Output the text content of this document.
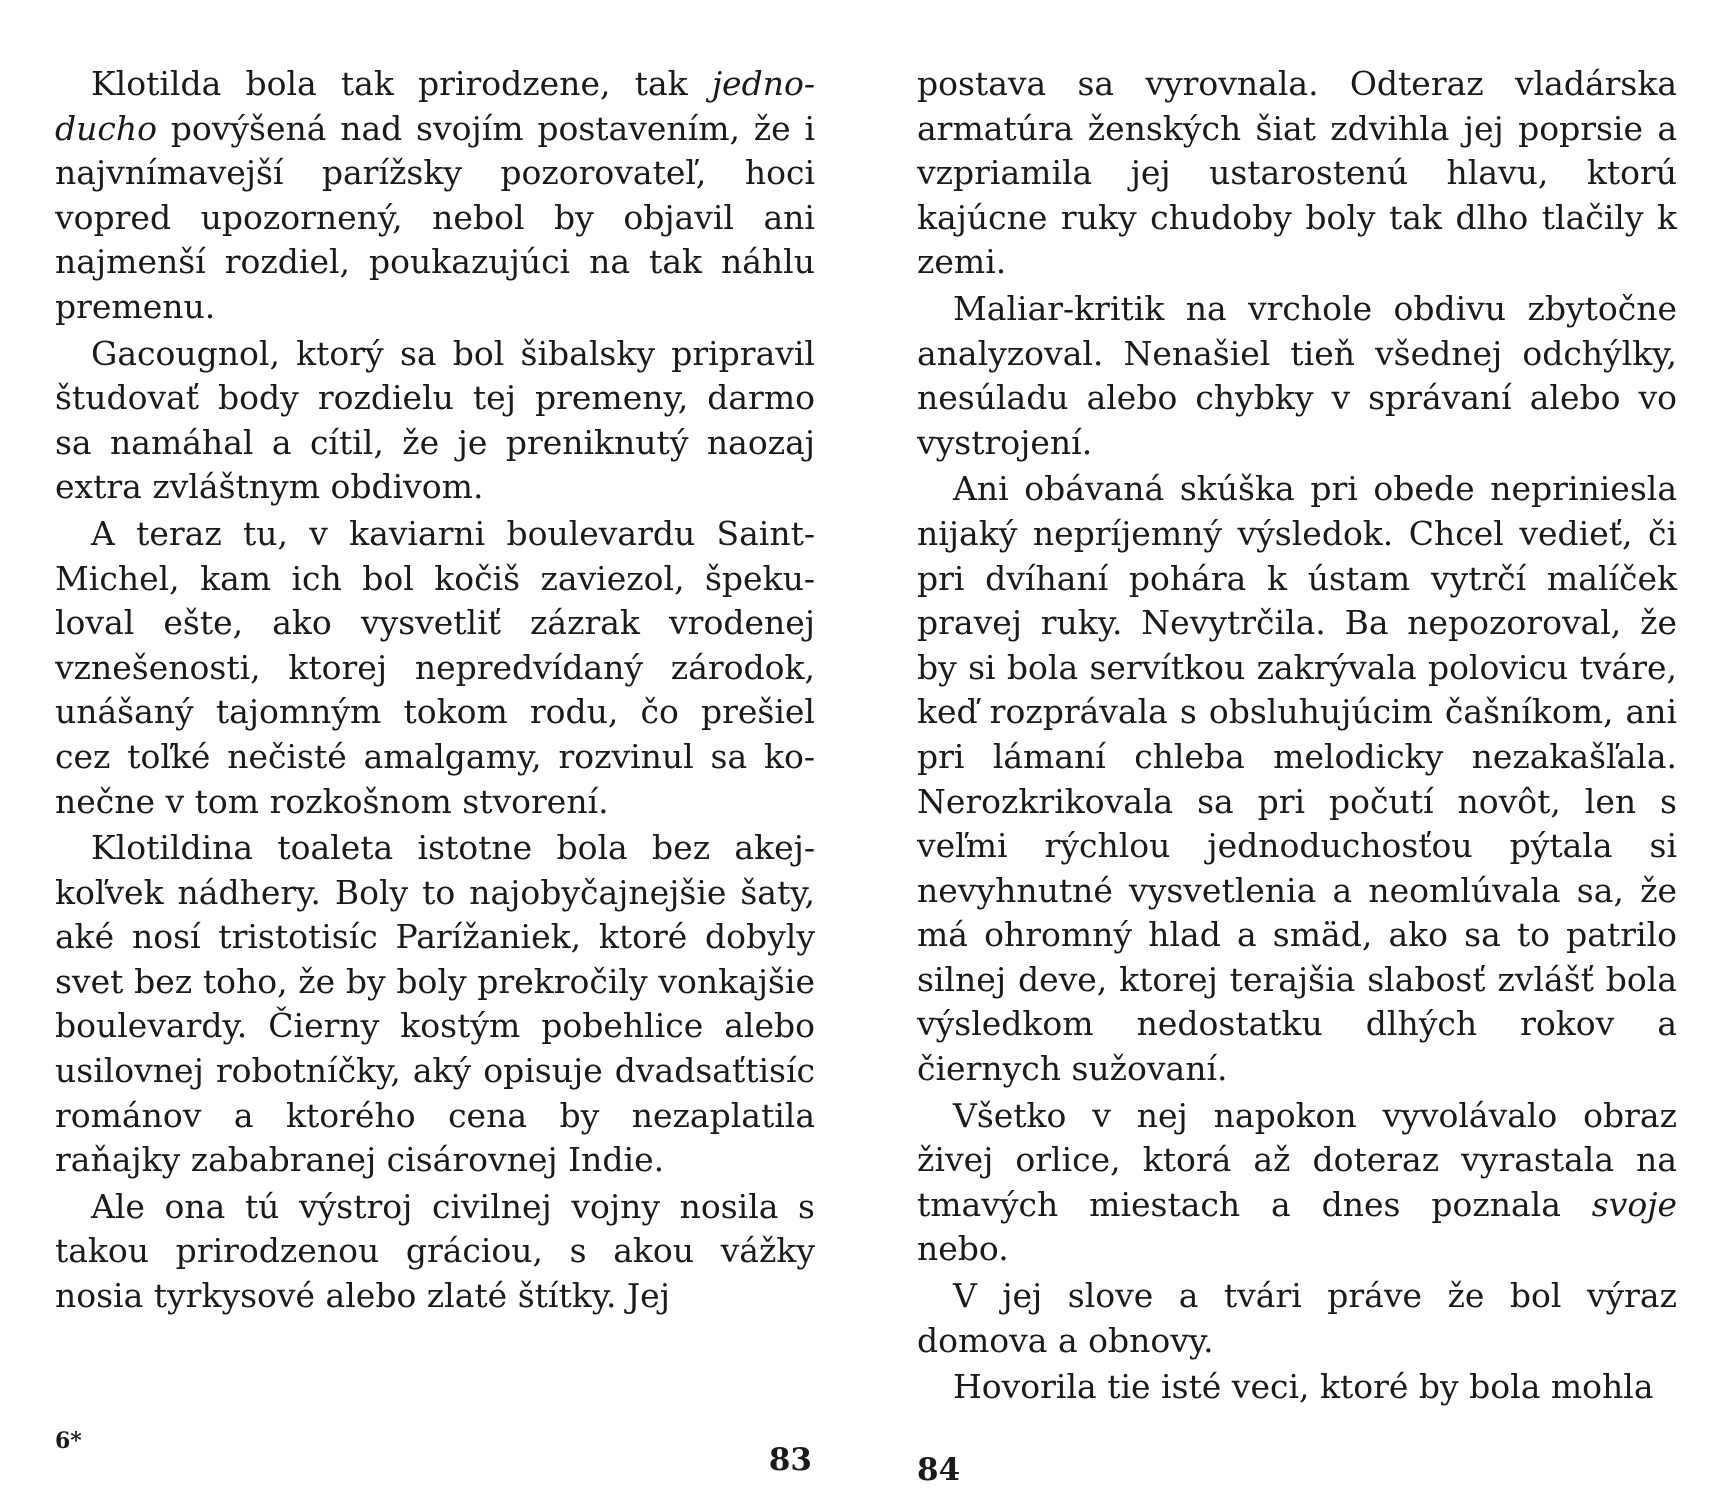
Klotilda bola tak prirodzene, tak jednoducho povýšená nad svojím postavením, že i najvnímavejší parížsky pozorovateľ, hoci vopred upozornený, nebol by objavil ani najmenší rozdiel, poukazujúci na tak náhlu premenu.

Gacougnol, ktorý sa bol šibalsky pripravil študovať body rozdielu tej premeny, darmo sa namáhal a cítil, že je preniknutý naozaj extra zvláštnym obdivom.

A teraz tu, v kaviarni boulevardu Saint-Michel, kam ich bol kočiš zaviezol, špekuloval ešte, ako vysvetliť zázrak vrodenej vznešenosti, ktorej nepredvídaný zárodok, unášaný tajomným tokom rodu, čo prešiel cez toľké nečisté amalgamy, rozvinul sa konečne v tom rozkošnom stvorení.

Klotildina toaleta istotne bola bez akejkoľvek nádhery. Boly to najobyčajnejšie šaty, aké nosí tristotisíc Parížaniek, ktoré dobyly svet bez toho, že by boly prekročily vonkajšie boulevardy. Čierny kostým pobehlice alebo usilovnej robotníčky, aký opisuje dvadsaťtisíc románov a ktorého cena by nezaplatila raňajky zababranej cisárovnej Indie.

Ale ona tú výstroj civilnej vojny nosila s takou prirodzenou gráciou, s akou vážky nosia tyrkysové alebo zlaté štítky. Jej

6*
83

postava sa vyrovnala. Odteraz vladárska armatúra ženských šiat zdvihla jej poprsie a vzpriamila jej ustarostenú hlavu, ktorú kajúcne ruky chudoby boly tak dlho tlačily k zemi.

Maliar-kritik na vrchole obdivu zbytočne analyzoval. Nenašiel tieň všednej odchýlky, nesúladu alebo chybky v správaní alebo vo vystrojení.

Ani obávaná skúška pri obede nepriniesla nijaký nepríjemný výsledok. Chcel vedieť, či pri dvíhaní pohára k ústam vytrčí malíček pravej ruky. Nevytrčila. Ba nepozoroval, že by si bola servítkou zakrývala polovicu tváre, keď rozprávala s obsluhujúcim čašníkom, ani pri lámaní chleba melodicky nezakašľala. Nerozkrikovala sa pri počutí novôt, len s veľmi rýchlou jednoduchosťou pýtala si nevyhnutné vysvetlenia a neomlúvala sa, že má ohromný hlad a smäd, ako sa to patrilo silnej deve, ktorej terajšia slabosť zvlášť bola výsledkom nedostatku dlhých rokov a čiernych sužovaní.

Všetko v nej napokon vyvolávalo obraz živej orlice, ktorá až doteraz vyrastala na tmavých miestach a dnes poznala svoje nebo.

V jej slove a tvári práve že bol výraz domova a obnovy.

Hovorila tie isté veci, ktoré by bola mohla

84
